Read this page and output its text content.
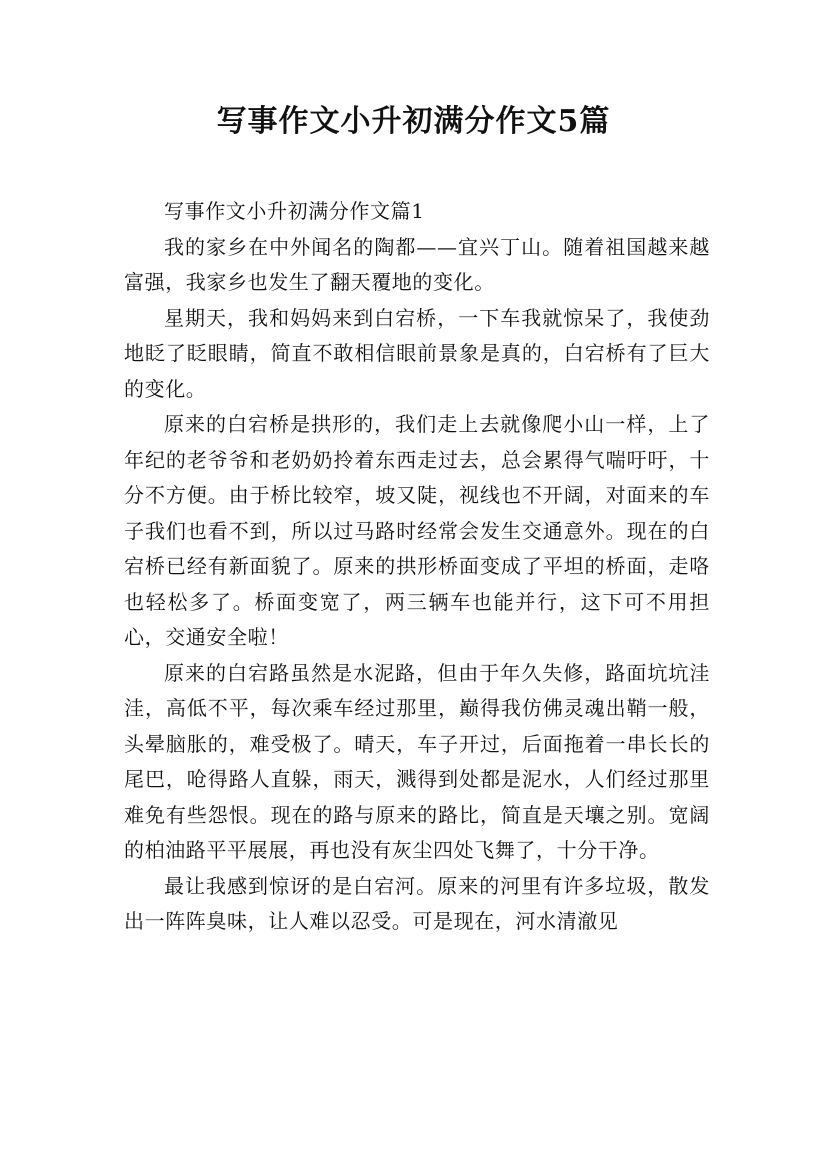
写事作文小升初满分作文5篇

写事作文小升初满分作文篇1

我的家乡在中外闻名的陶都——宜兴丁山。随着祖国越来越富强，我家乡也发生了翻天覆地的变化。

星期天，我和妈妈来到白宕桥，一下车我就惊呆了，我使劲地眨了眨眼睛，简直不敢相信眼前景象是真的，白宕桥有了巨大的变化。

原来的白宕桥是拱形的，我们走上去就像爬小山一样，上了年纪的老爷爷和老奶奶拎着东西走过去，总会累得气喘吁吁，十分不方便。由于桥比较窄，坡又陡，视线也不开阔，对面来的车子我们也看不到，所以过马路时经常会发生交通意外。现在的白宕桥已经有新面貌了。原来的拱形桥面变成了平坦的桥面，走咯也轻松多了。桥面变宽了，两三辆车也能并行，这下可不用担心，交通安全啦！

原来的白宕路虽然是水泥路，但由于年久失修，路面坑坑洼洼，高低不平，每次乘车经过那里，巅得我仿佛灵魂出鞘一般，头晕脑胀的，难受极了。晴天，车子开过，后面拖着一串长长的尾巴，呛得路人直躲，雨天，溅得到处都是泥水，人们经过那里难免有些怨恨。现在的路与原来的路比，简直是天壤之别。宽阔的柏油路平平展展，再也没有灰尘四处飞舞了，十分干净。

最让我感到惊讶的是白宕河。原来的河里有许多垃圾，散发出一阵阵臭味，让人难以忍受。可是现在，河水清澈见
